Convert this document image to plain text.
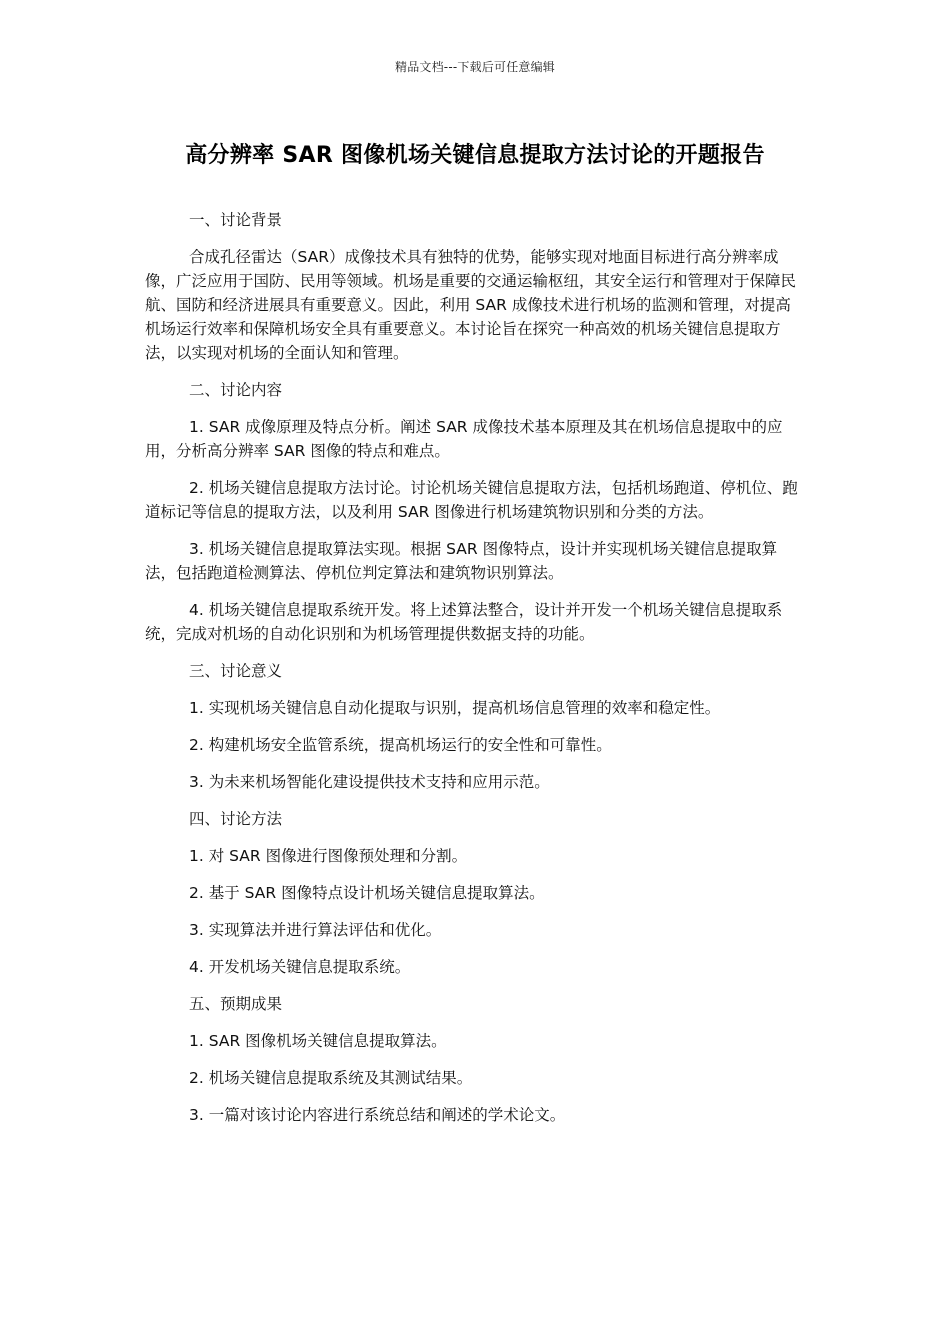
精品文档---下载后可任意编辑
高分辨率 SAR 图像机场关键信息提取方法讨论的开题报告

一、讨论背景

合成孔径雷达（SAR）成像技术具有独特的优势，能够实现对地面目标进行高分辨率成像，广泛应用于国防、民用等领域。机场是重要的交通运输枢纽，其安全运行和管理对于保障民航、国防和经济进展具有重要意义。因此，利用 SAR 成像技术进行机场的监测和管理，对提高机场运行效率和保障机场安全具有重要意义。本讨论旨在探究一种高效的机场关键信息提取方法，以实现对机场的全面认知和管理。

二、讨论内容

1. SAR 成像原理及特点分析。阐述 SAR 成像技术基本原理及其在机场信息提取中的应用，分析高分辨率 SAR 图像的特点和难点。

2. 机场关键信息提取方法讨论。讨论机场关键信息提取方法，包括机场跑道、停机位、跑道标记等信息的提取方法，以及利用 SAR 图像进行机场建筑物识别和分类的方法。

3. 机场关键信息提取算法实现。根据 SAR 图像特点，设计并实现机场关键信息提取算法，包括跑道检测算法、停机位判定算法和建筑物识别算法。

4. 机场关键信息提取系统开发。将上述算法整合，设计并开发一个机场关键信息提取系统，完成对机场的自动化识别和为机场管理提供数据支持的功能。

三、讨论意义

1. 实现机场关键信息自动化提取与识别，提高机场信息管理的效率和稳定性。

2. 构建机场安全监管系统，提高机场运行的安全性和可靠性。

3. 为未来机场智能化建设提供技术支持和应用示范。

四、讨论方法

1. 对 SAR 图像进行图像预处理和分割。

2. 基于 SAR 图像特点设计机场关键信息提取算法。

3. 实现算法并进行算法评估和优化。

4. 开发机场关键信息提取系统。

五、预期成果

1. SAR 图像机场关键信息提取算法。

2. 机场关键信息提取系统及其测试结果。

3. 一篇对该讨论内容进行系统总结和阐述的学术论文。
